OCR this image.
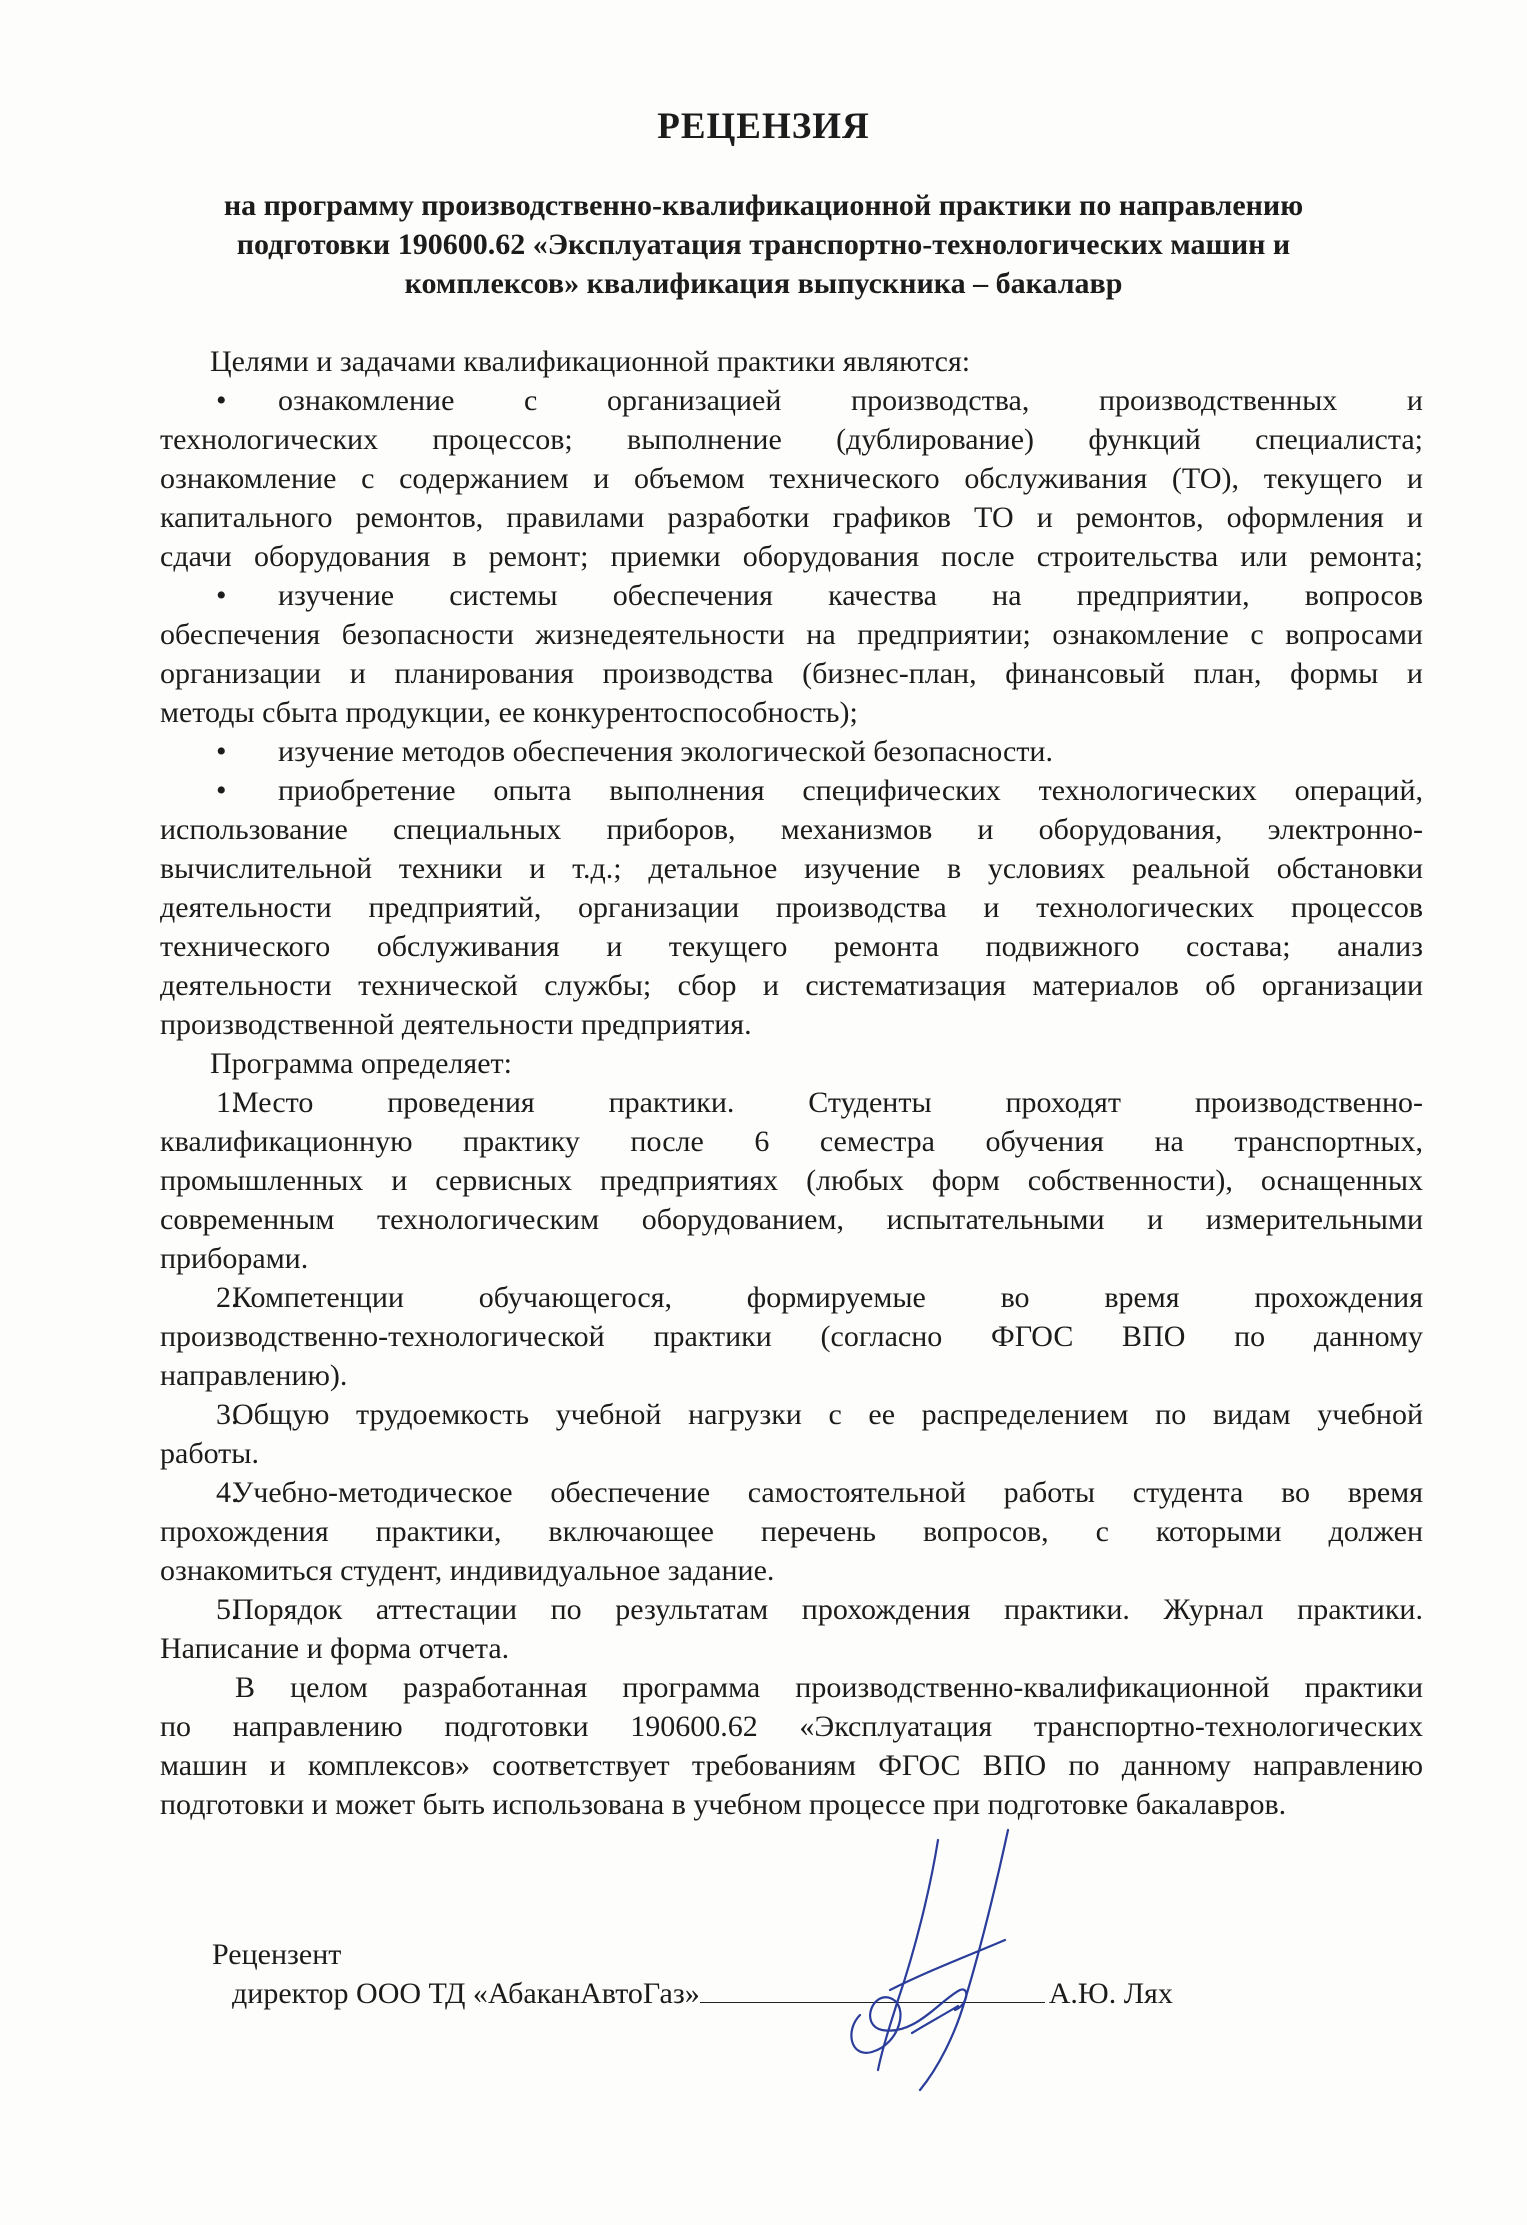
РЕЦЕНЗИЯ
на программу производственно-квалификационной практики по направлению
подготовки 190600.62 «Эксплуатация транспортно-технологических машин и
комплексов» квалификация выпускника – бакалавр
Целями и задачами квалификационной практики являются:
• ознакомление с организацией производства, производственных и
технологических процессов; выполнение (дублирование) функций специалиста;
ознакомление с содержанием и объемом технического обслуживания (ТО), текущего и
капитального ремонтов, правилами разработки графиков ТО и ремонтов, оформления и
сдачи оборудования в ремонт; приемки оборудования после строительства или ремонта;
• изучение системы обеспечения качества на предприятии, вопросов
обеспечения безопасности жизнедеятельности на предприятии; ознакомление с вопросами
организации и планирования производства (бизнес-план, финансовый план, формы и
методы сбыта продукции, ее конкурентоспособность);
• изучение методов обеспечения экологической безопасности.
• приобретение опыта выполнения специфических технологических операций,
использование специальных приборов, механизмов и оборудования, электронно-
вычислительной техники и т.д.; детальное изучение в условиях реальной обстановки
деятельности предприятий, организации производства и технологических процессов
технического обслуживания и текущего ремонта подвижного состава; анализ
деятельности технической службы; сбор и систематизация материалов об организации
производственной деятельности предприятия.
Программа определяет:
1.Место проведения практики. Студенты проходят производственно-
квалификационную практику после 6 семестра обучения на транспортных,
промышленных и сервисных предприятиях (любых форм собственности), оснащенных
современным технологическим оборудованием, испытательными и измерительными
приборами.
2.Компетенции обучающегося, формируемые во время прохождения
производственно-технологической практики (согласно ФГОС ВПО по данному
направлению).
3.Общую трудоемкость учебной нагрузки с ее распределением по видам учебной
работы.
4.Учебно-методическое обеспечение самостоятельной работы студента во время
прохождения практики, включающее перечень вопросов, с которыми должен
ознакомиться студент, индивидуальное задание.
5.Порядок аттестации по результатам прохождения практики. Журнал практики.
Написание и форма отчета.
В целом разработанная программа производственно-квалификационной практики
по направлению подготовки 190600.62 «Эксплуатация транспортно-технологических
машин и комплексов» соответствует требованиям ФГОС ВПО по данному направлению
подготовки и может быть использована в учебном процессе при подготовке бакалавров.
Рецензент
директор ООО ТД «АбаканАвтоГаз»	А.Ю. Лях
